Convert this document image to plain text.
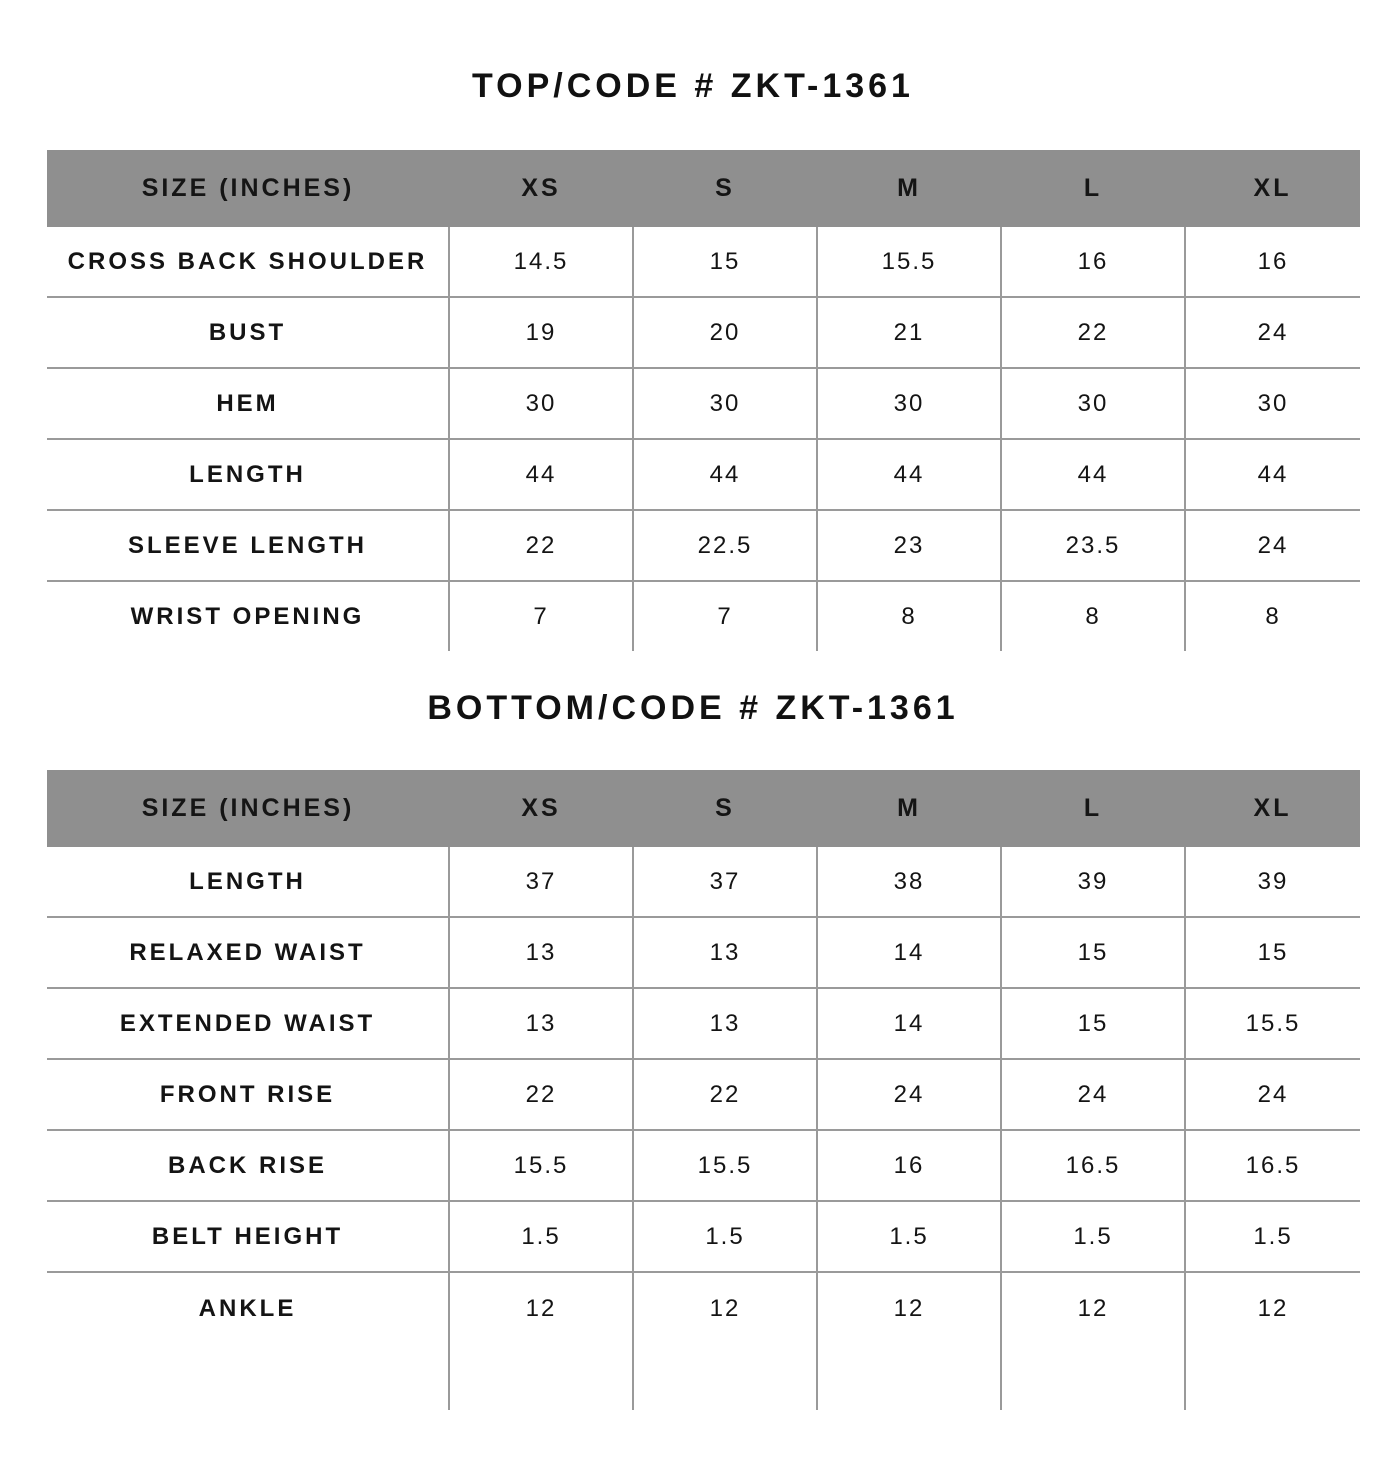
TOP/CODE # ZKT-1361
SIZE (INCHES)	XS	S	M	L	XL
CROSS BACK SHOULDER	14.5	15	15.5	16	16
BUST	19	20	21	22	24
HEM	30	30	30	30	30
LENGTH	44	44	44	44	44
SLEEVE LENGTH	22	22.5	23	23.5	24
WRIST OPENING	7	7	8	8	8
BOTTOM/CODE # ZKT-1361
SIZE (INCHES)	XS	S	M	L	XL
LENGTH	37	37	38	39	39
RELAXED WAIST	13	13	14	15	15
EXTENDED WAIST	13	13	14	15	15.5
FRONT RISE	22	22	24	24	24
BACK RISE	15.5	15.5	16	16.5	16.5
BELT HEIGHT	1.5	1.5	1.5	1.5	1.5
ANKLE	12	12	12	12	12
